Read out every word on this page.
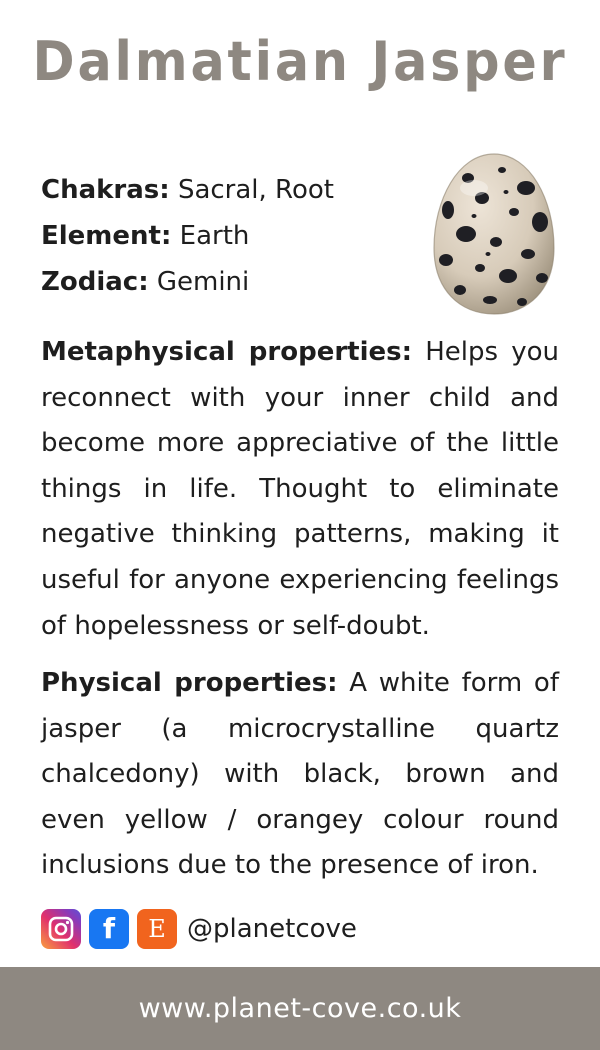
Dalmatian Jasper
Chakras: Sacral, Root
Element: Earth
Zodiac: Gemini
Metaphysical properties: Helps you reconnect with your inner child and become more appreciative of the little things in life. Thought to eliminate negative thinking patterns, making it useful for anyone experiencing feelings of hopelessness or self-doubt.
Physical properties: A white form of jasper (a microcrystalline quartz chalcedony) with black, brown and even yellow / orangey colour round inclusions due to the presence of iron.
f E @planetcove
www.planet-cove.co.uk
